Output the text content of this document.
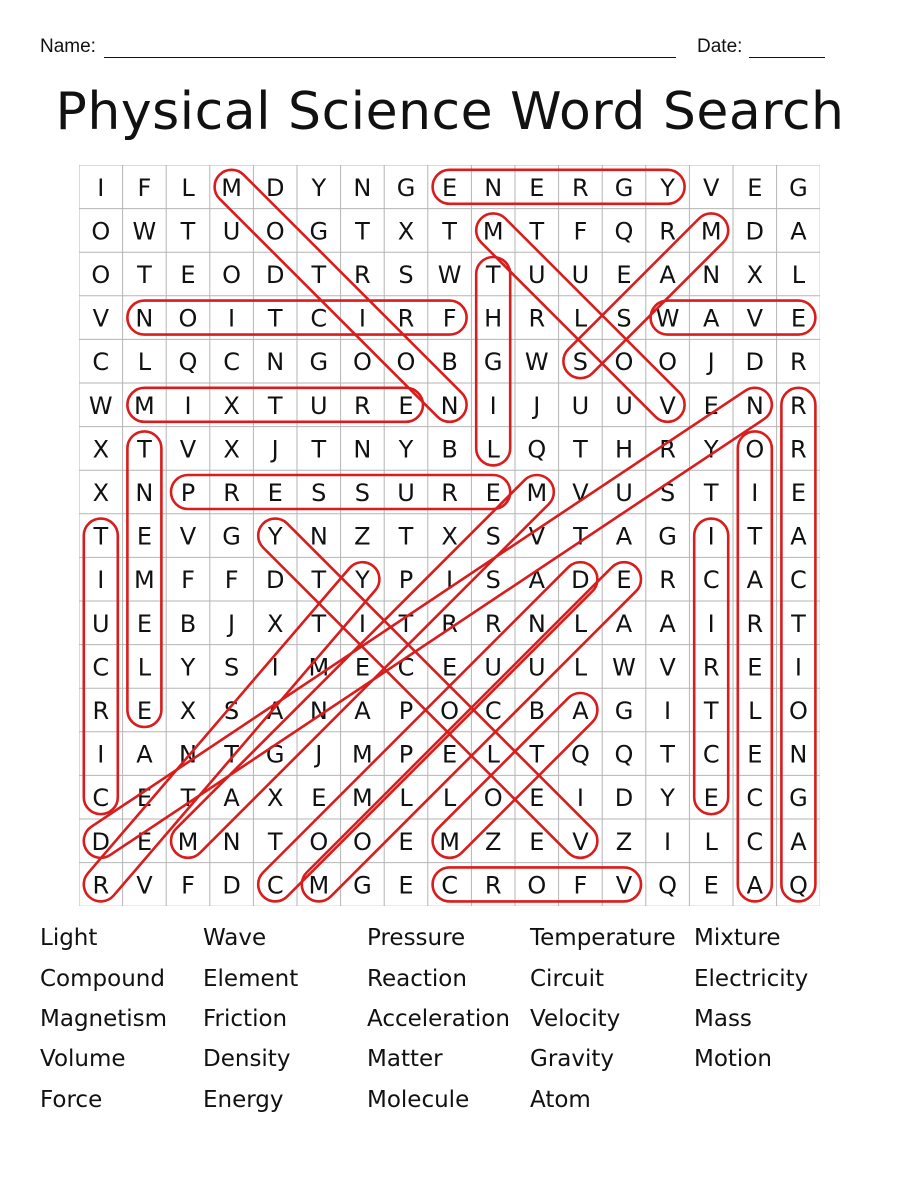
Name:	Date:
Physical Science Word Search
I F L M D Y N G E N E R G Y V E G
O W T U O G T X T M T F Q R M D A
O T E O D T R S W T U U E A N X L
V N O I T C I R F H R L S W A V E
C L Q C N G O O B G W S O O J D R
W M I X T U R E N I J U U V E N R
X T V X J T N Y B L Q T H R Y O R
X N P R E S S U R E M V U S T I E
T E V G Y N Z T X S V T A G I T A
I M F F D T Y P I S A D E R C A C
U E B J X T I T R R N L A A I R T
C L Y S I M E C E U U L W V R E I
R E X S A N A P O C B A G I T L O
I A N T G J M P E L T Q Q T C E N
C E T A X E M L L O E I D Y E C G
D E M N T O O E M Z E V Z I L C A
R V F D C M G E C R O F V Q E A Q
Light	Wave	Pressure	Temperature Mixture
Compound Element	Reaction	Circuit	Electricity
Magnetism Friction	Acceleration Velocity	Mass
Volume	Density	Matter	Gravity	Motion
Force	Energy	Molecule	Atom
